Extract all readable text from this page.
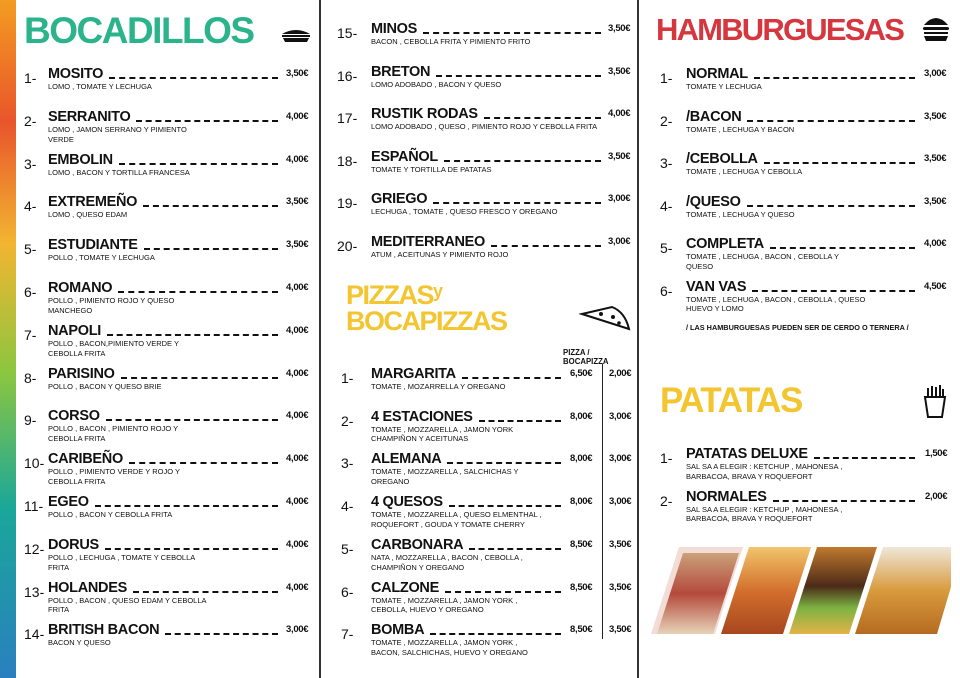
BOCADILLOS
1- MOSITO	3,50€
LOMO , TOMATE Y LECHUGA
2- SERRANITO	4,00€
LOMO , JAMON SERRANO Y PIMIENTO VERDE
3- EMBOLIN	4,00€
LOMO , BACON Y TORTILLA FRANCESA
4- EXTREMEÑO	3,50€
LOMO , QUESO EDAM
5- ESTUDIANTE	3,50€
POLLO , TOMATE Y LECHUGA
6- ROMANO	4,00€
POLLO , PIMIENTO ROJO Y QUESO MANCHEGO
7- NAPOLI	4,00€
POLLO , BACON,PIMIENTO VERDE Y CEBOLLA FRITA
8- PARISINO	4,00€
POLLO , BACON Y QUESO BRIE
9- CORSO	4,00€
POLLO , BACON , PIMIENTO ROJO Y CEBOLLA FRITA
10- CARIBEÑO	4,00€
POLLO , PIMIENTO VERDE Y ROJO Y CEBOLLA FRITA
11- EGEO	4,00€
POLLO , BACON Y CEBOLLA FRITA
12- DORUS	4,00€
POLLO , LECHUGA , TOMATE Y CEBOLLA FRITA
13- HOLANDES	4,00€
POLLO , BACON , QUESO EDAM Y CEBOLLA FRITA
14- BRITISH BACON	3,00€
BACON Y QUESO
15- MINOS	3,50€
BACON , CEBOLLA FRITA Y PIMIENTO FRITO
16- BRETON	3,50€
LOMO ADOBADO , BACON Y QUESO
17- RUSTIK RODAS	4,00€
LOMO ADOBADO , QUESO , PIMIENTO ROJO Y CEBOLLA FRITA
18- ESPAÑOL	3,50€
TOMATE Y TORTILLA DE PATATAS
19- GRIEGO	3,00€
LECHUGA , TOMATE , QUESO FRESCO Y OREGANO
20- MEDITERRANEO	3,00€
ATUM , ACEITUNAS Y PIMIENTO ROJO
PIZZAS$^y$
BOCAPIZZAS
PIZZA / BOCAPIZZA
1- MARGARITA	6,50€ 2,00€
TOMATE , MOZARRELLA Y OREGANO
2- 4 ESTACIONES	8,00€ 3,00€
TOMATE , MOZZARELLA , JAMON YORK CHAMPIÑON Y ACEITUNAS
3- ALEMANA	8,00€ 3,00€
TOMATE , MOZZARELLA , SALCHICHAS Y OREGANO
4- 4 QUESOS	8,00€ 3,00€
TOMATE , MOZZARELLA , QUESO ELMENTHAL , ROQUEFORT , GOUDA Y TOMATE CHERRY
5- CARBONARA	8,50€ 3,50€
NATA , MOZZARELLA , BACON , CEBOLLA , CHAMPIÑON Y OREGANO
6- CALZONE	8,50€ 3,50€
TOMATE , MOZZARELLA , JAMON YORK , CEBOLLA, HUEVO Y OREGANO
7- BOMBA	8,50€ 3,50€
TOMATE , MOZZARELLA , JAMON YORK , BACON, SALCHICHAS, HUEVO Y OREGANO
HAMBURGUESAS
1- NORMAL	3,00€
TOMATE Y LECHUGA
2- /BACON	3,50€
TOMATE , LECHUGA Y BACON
3- /CEBOLLA	3,50€
TOMATE , LECHUGA Y CEBOLLA
4- /QUESO	3,50€
TOMATE , LECHUGA Y QUESO
5- COMPLETA	4,00€
TOMATE , LECHUGA , BACON , CEBOLLA Y QUESO
6- VAN VAS	4,50€
TOMATE , LECHUGA , BACON , CEBOLLA , QUESO HUEVO Y LOMO
/ LAS HAMBURGUESAS PUEDEN SER DE CERDO O TERNERA /
PATATAS
1- PATATAS DELUXE	1,50€
SAL SA A ELEGIR : KETCHUP , MAHONESA , BARBACOA, BRAVA Y ROQUEFORT
2- NORMALES	2,00€
SAL SA A ELEGIR : KETCHUP , MAHONESA , BARBACOA, BRAVA Y ROQUEFORT
